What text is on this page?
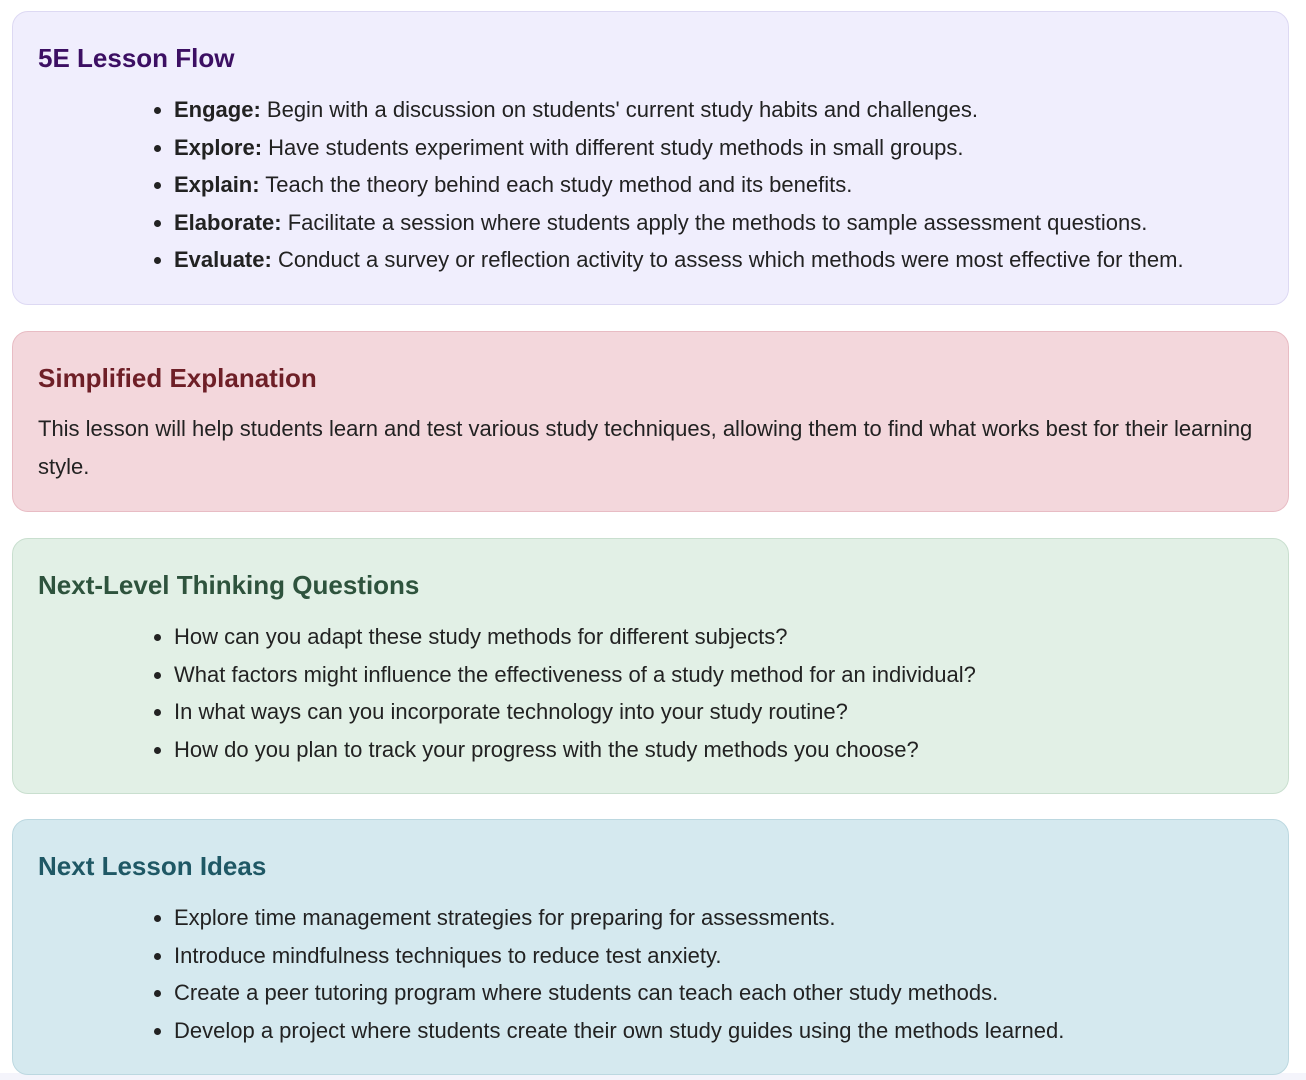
5E Lesson Flow
• Engage: Begin with a discussion on students' current study habits and challenges.
• Explore: Have students experiment with different study methods in small groups.
• Explain: Teach the theory behind each study method and its benefits.
• Elaborate: Facilitate a session where students apply the methods to sample assessment questions.
• Evaluate: Conduct a survey or reflection activity to assess which methods were most effective for them.
Simplified Explanation

This lesson will help students learn and test various study techniques, allowing them to find what works best for their learning style.

Next-Level Thinking Questions
• How can you adapt these study methods for different subjects?
• What factors might influence the effectiveness of a study method for an individual?
• In what ways can you incorporate technology into your study routine?
• How do you plan to track your progress with the study methods you choose?
Next Lesson Ideas
• Explore time management strategies for preparing for assessments.
• Introduce mindfulness techniques to reduce test anxiety.
• Create a peer tutoring program where students can teach each other study methods.
• Develop a project where students create their own study guides using the methods learned.
